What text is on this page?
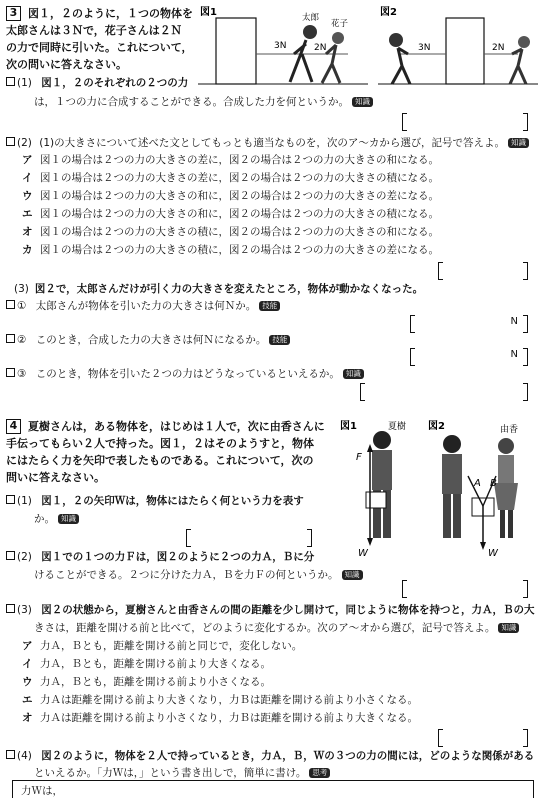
3 図１，２のように，１つの物体を
太郎さんは３Ｎで，花子さんは２Ｎ
の力で同時に引いた。これについて，
次の問いに答えなさい。
図1	太郎
花子
3N	2N
図2
3N	2N
(1) 図１，２のそれぞれの２つの力
は，１つの力に合成することができる。合成した力を何というか。 知識
(2) (1)の大きさについて述べた文としてもっとも適当なものを，次のア～カから選び，記号で答えよ。 知識
ア 図１の場合は２つの力の大きさの差に，図２の場合は２つの力の大きさの和になる。
イ 図１の場合は２つの力の大きさの差に，図２の場合は２つの力の大きさの積になる。
ウ 図１の場合は２つの力の大きさの和に，図２の場合は２つの力の大きさの差になる。
エ 図１の場合は２つの力の大きさの和に，図２の場合は２つの力の大きさの積になる。
オ 図１の場合は２つの力の大きさの積に，図２の場合は２つの力の大きさの和になる。
カ 図１の場合は２つの力の大きさの積に，図２の場合は２つの力の大きさの差になる。
(3) 図２で，太郎さんだけが引く力の大きさを変えたところ，物体が動かなくなった。
① 太郎さんが物体を引いた力の大きさは何Ｎか。 技能
N
② このとき，合成した力の大きさは何Ｎになるか。 技能
N
③ このとき，物体を引いた２つの力はどうなっているといえるか。 知識
4 夏樹さんは，ある物体を，はじめは１人で，次に由香さんに
手伝ってもらい２人で持った。図１，２はそのようすと，物体
にはたらく力を矢印で表したものである。これについて，次の
問いに答えなさい。
図1	夏樹 図2	由香
F
W
A B
W
(1) 図１，２の矢印Ｗは，物体にはたらく何という力を表す
か。 知識
(2) 図１での１つの力Ｆは，図２のように２つの力Ａ，Ｂに分
けることができる。２つに分けた力Ａ，Ｂを力Ｆの何というか。 知識
(3) 図２の状態から，夏樹さんと由香さんの間の距離を少し開けて，同じように物体を持つと，力Ａ，Ｂの大
きさは，距離を開ける前と比べて，どのように変化するか。次のア～オから選び，記号で答えよ。 知識
ア 力Ａ，Ｂとも，距離を開ける前と同じで，変化しない。
イ 力Ａ，Ｂとも，距離を開ける前より大きくなる。
ウ 力Ａ，Ｂとも，距離を開ける前より小さくなる。
エ 力Ａは距離を開ける前より大きくなり，力Ｂは距離を開ける前より小さくなる。
オ 力Ａは距離を開ける前より小さくなり，力Ｂは距離を開ける前より大きくなる。
(4) 図２のように，物体を２人で持っているとき，力Ａ，Ｂ，Ｗの３つの力の間には，どのような関係がある
といえるか。「力Ｗは，」という書き出しで，簡単に書け。 思考
力Ｗは，
